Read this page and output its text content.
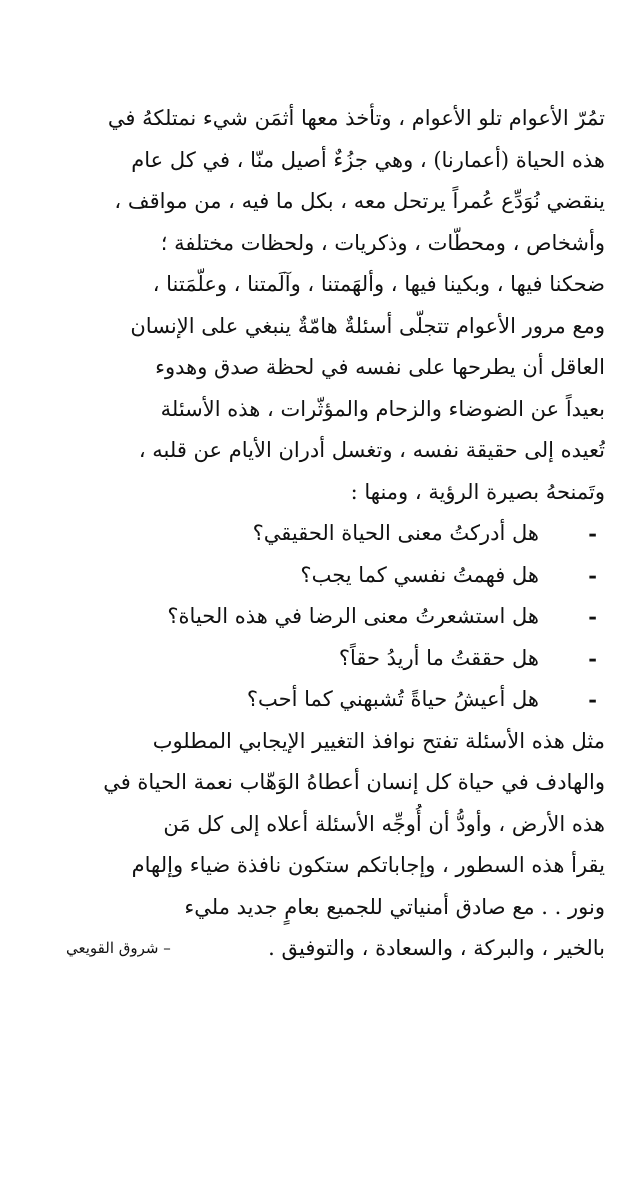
تمُرّ الأعوام تلو الأعوام ، وتأخذ معها أثمَن شيء نمتلكهُ في
هذه الحياة (أعمارنا) ، وهي جزُءٌ أصيل منّا ، في كل عام
ينقضي نُوَدِّع عُمراً يرتحل معه ، بكل ما فيه ، من مواقف ،
وأشخاص ، ومحطّات ، وذكريات ، ولحظات مختلفة ؛
ضحكنا فيها ، وبكينا فيها ، وألهَمتنا ، وآلَمتنا ، وعلّمَتنا ،
ومع مرور الأعوام تتجلّى أسئلةٌ هامّةٌ ينبغي على الإنسان
العاقل أن يطرحها على نفسه في لحظة صدق وهدوء
بعيداً عن الضوضاء والزحام والمؤثّرات ، هذه الأسئلة
تُعيده إلى حقيقة نفسه ، وتغسل أدران الأيام عن قلبه ،
وتَمنحهُ بصيرة الرؤية ، ومنها :
-
هل أدركتُ معنى الحياة الحقيقي؟
-
هل فهمتُ نفسي كما يجب؟
-
هل استشعرتُ معنى الرضا في هذه الحياة؟
-
هل حققتُ ما أريدُ حقاً؟
-
هل أعيشُ حياةً تُشبهني كما أحب؟
مثل هذه الأسئلة تفتح نوافذ التغيير الإيجابي المطلوب
والهادف في حياة كل إنسان أعطاهُ الوَهّاب نعمة الحياة في
هذه الأرض ، وأودُّ أن أُوجِّه الأسئلة أعلاه إلى كل مَن
يقرأ هذه السطور ، وإجاباتكم ستكون نافذة ضياء وإلهام
ونور . . مع صادق أمنياتي للجميع بعامٍ جديد مليء
بالخير ، والبركة ، والسعادة ، والتوفيق .
– شروق القويعي
